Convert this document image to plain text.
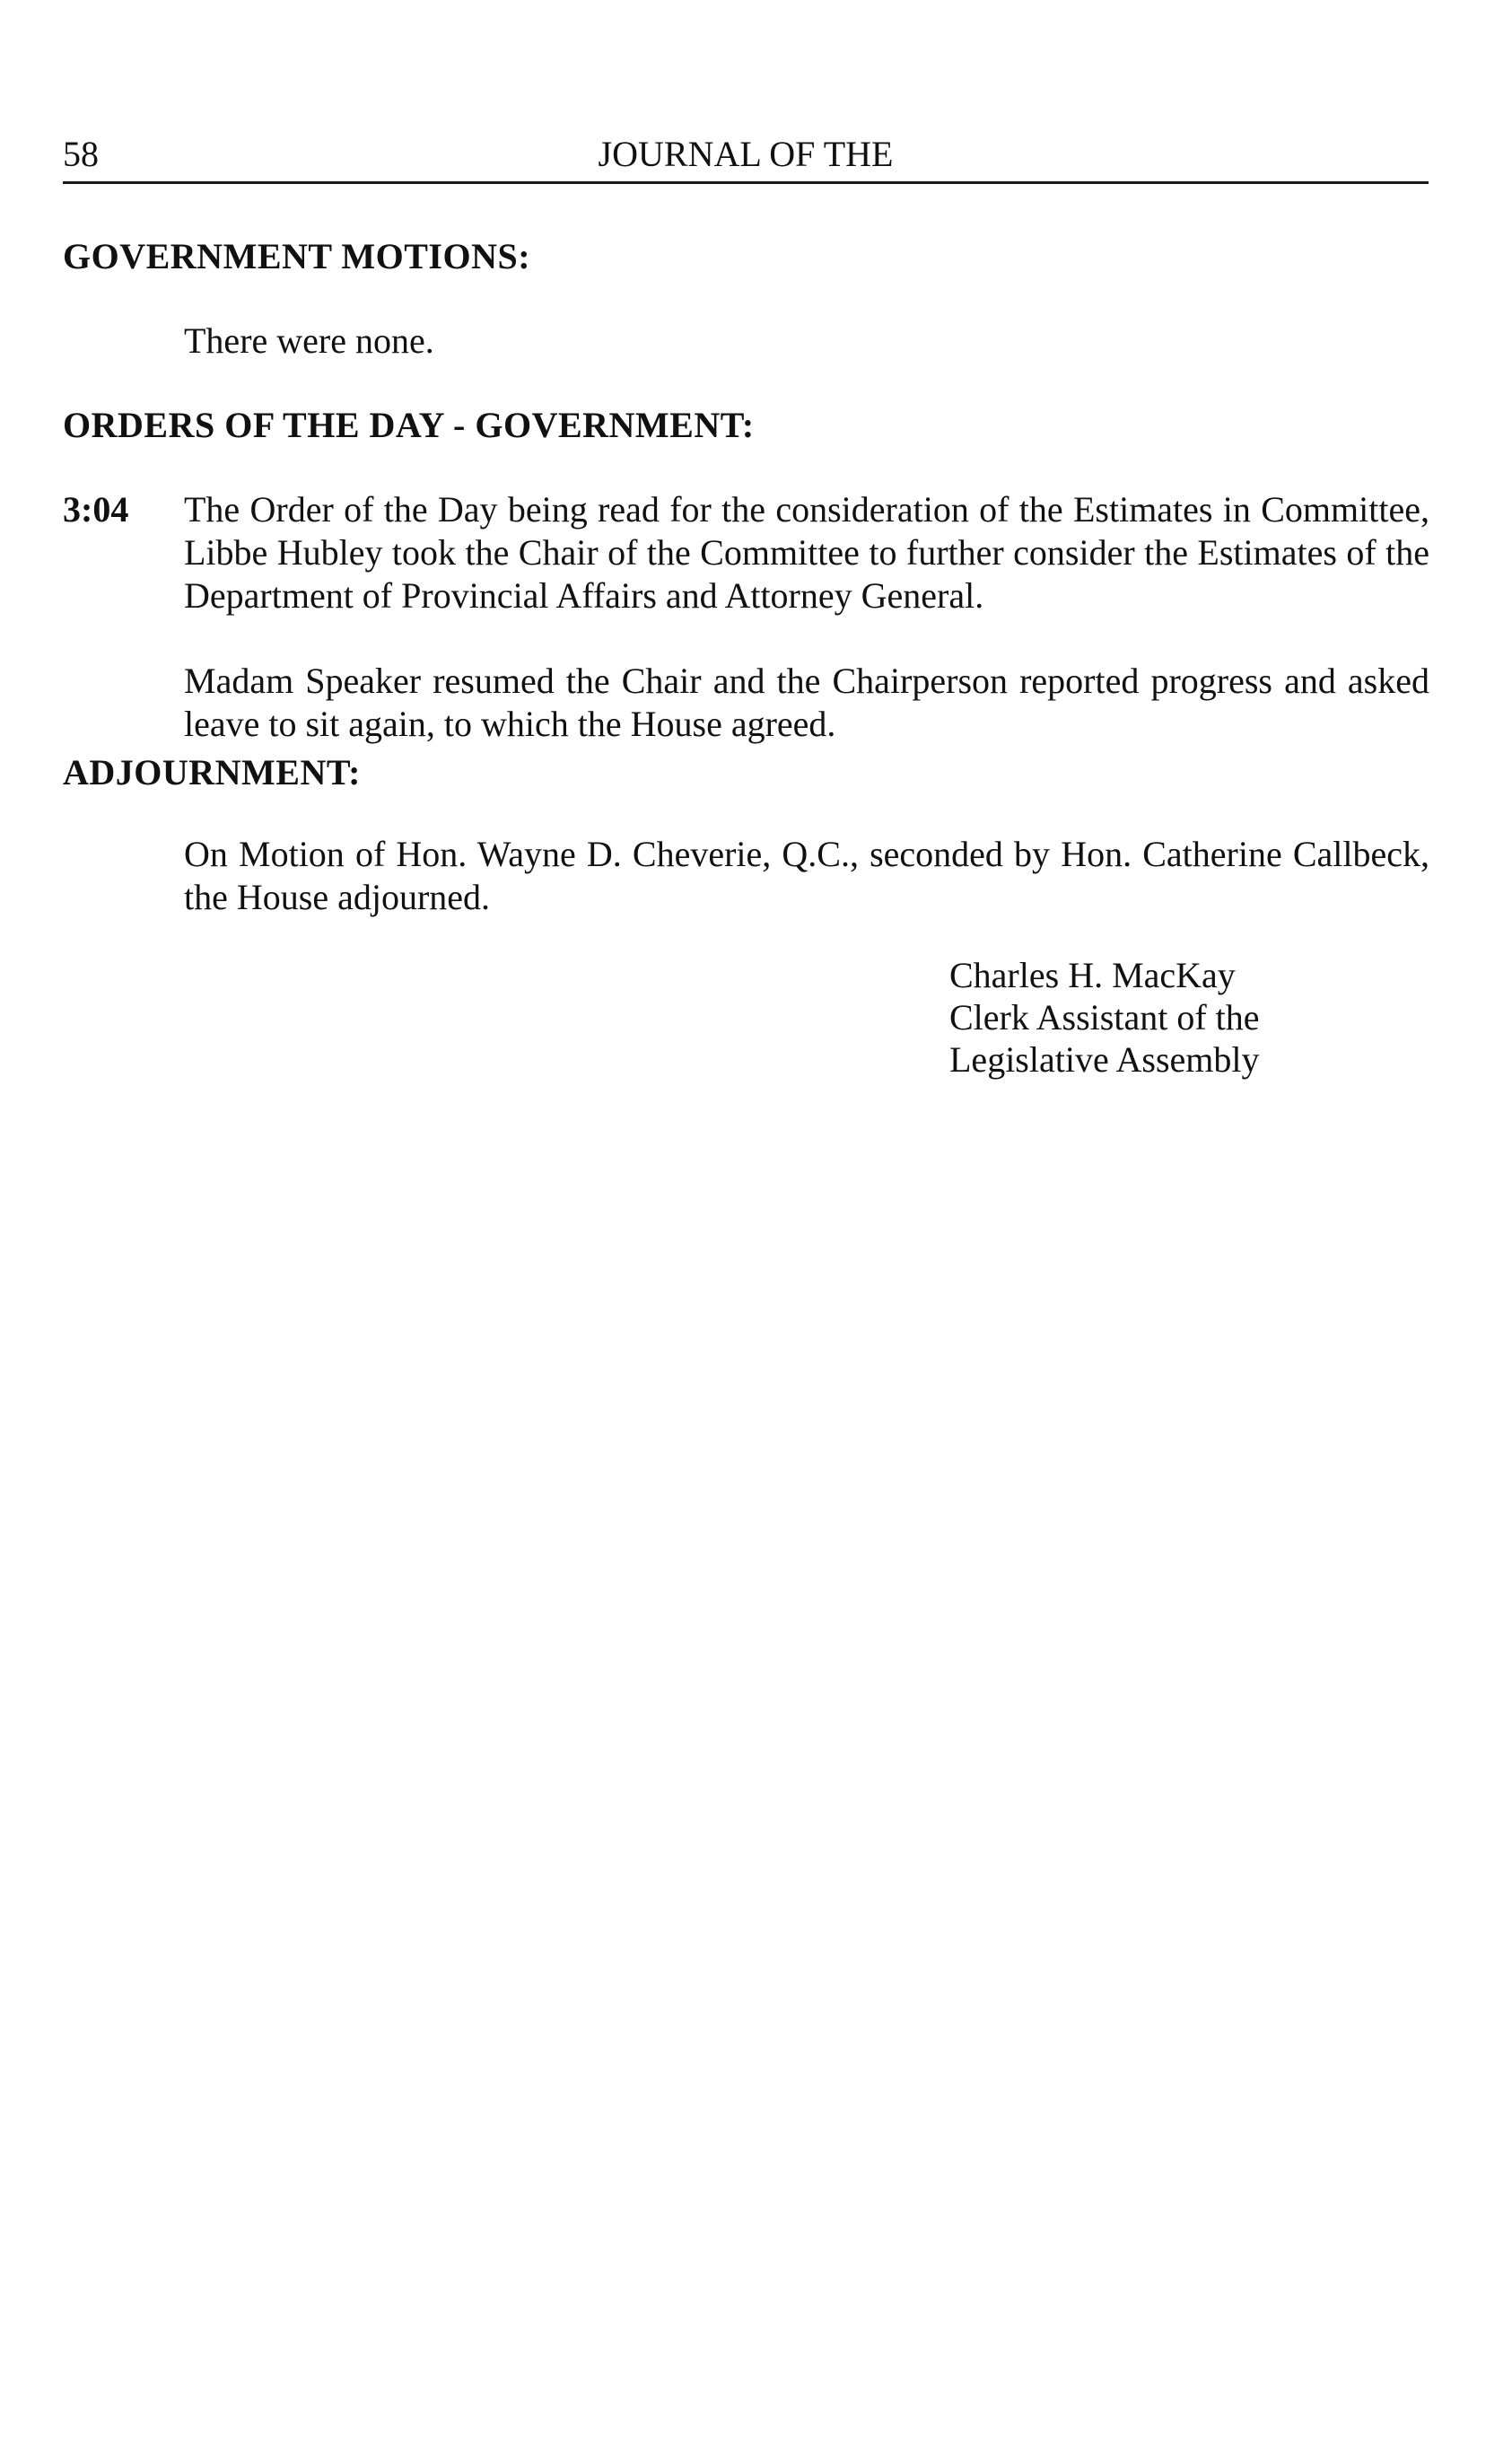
58	JOURNAL OF THE
GOVERNMENT MOTIONS:
There were none.
ORDERS OF THE DAY - GOVERNMENT:
3:04 The Order of the Day being read for the consideration of the Estimates in Committee, Libbe Hubley took the Chair of the Committee to further consider the Estimates of the Department of Provincial Affairs and Attorney General.
Madam Speaker resumed the Chair and the Chairperson reported progress and asked leave to sit again, to which the House agreed.
ADJOURNMENT:
On Motion of Hon. Wayne D. Cheverie, Q.C., seconded by Hon. Catherine Callbeck, the House adjourned.
Charles H. MacKay
Clerk Assistant of the
Legislative Assembly
